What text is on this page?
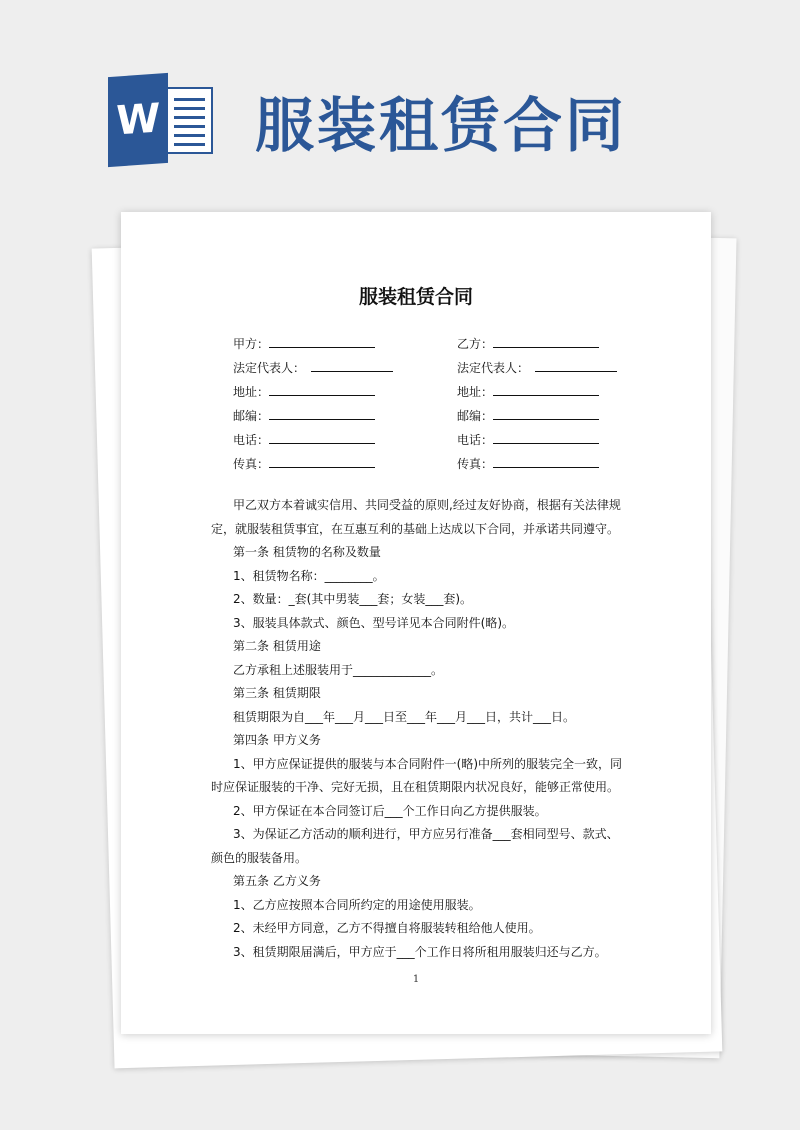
W 服装租赁合同
服装租赁合同
甲方：
法定代表人：
地址：
邮编：
电话：
传真：
乙方：
法定代表人：
地址：
邮编：
电话：
传真：
甲乙双方本着诚实信用、共同受益的原则,经过友好协商，根据有关法律规
定，就服装租赁事宜，在互惠互利的基础上达成以下合同，并承诺共同遵守。
第一条 租赁物的名称及数量
1、租赁物名称：________。
2、数量：_套(其中男装___套；女装___套)。
3、服装具体款式、颜色、型号详见本合同附件(略)。
第二条 租赁用途
乙方承租上述服装用于_____________。
第三条 租赁期限
租赁期限为自___年___月___日至___年___月___日，共计___日。
第四条 甲方义务
1、甲方应保证提供的服装与本合同附件一(略)中所列的服装完全一致，同
时应保证服装的干净、完好无损，且在租赁期限内状况良好，能够正常使用。
2、甲方保证在本合同签订后___个工作日向乙方提供服装。
3、为保证乙方活动的顺利进行，甲方应另行准备___套相同型号、款式、
颜色的服装备用。
第五条 乙方义务
1、乙方应按照本合同所约定的用途使用服装。
2、未经甲方同意，乙方不得擅自将服装转租给他人使用。
3、租赁期限届满后，甲方应于___个工作日将所租用服装归还与乙方。
1
